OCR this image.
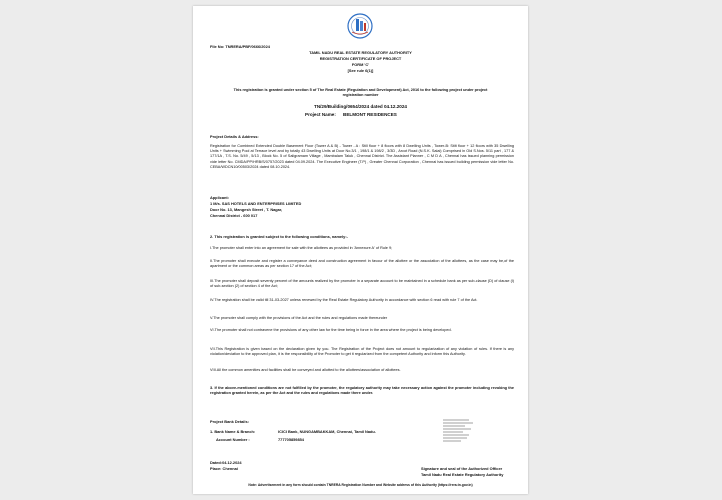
File No: TNRERA/PBF/0666/2024
TAMIL NADU REAL ESTATE REGULATORY AUTHORITY
REGISTRATION CERTIFICATE OF PROJECT
FORM 'C'
[See rule 6(1)]
This registration is granted under section 5 of The Real Estate (Regulation and Development) Act, 2016 to the following project under project registration number
TN/29/Building/0654/2024 dated 04.12.2024
Project Name: BELMONT RESIDENCES
Project Details & Address:
Registration for Combined Extended Double Basement Floor (Tower A & B) - Tower - A : Still floor + 8 floors with 8 Dwelling Units , Tower-B: Stilt floor + 12 floors with 35 Dwelling Units + Swimming Pool at Terrace level and by totally 43 Dwelling Units at Door No.3/1 , 198/1 & 198/2 , 3/3D , Arcot Road (N.S.K. Salai) Comprised in Old S.Nos. 5/11 part , 177 & 177/1A , T.S. No. 5/49 , 5/13 , Block No. 5 of Saligramam Village , Mambalam Taluk , Chennai District. The Assistant Planner , C M D A , Chennai has issued planning permission vide letter No. CMDA/PP/HRB/S/0757/2023 dated 04.09.2024. The Executive Engineer (T.P) , Greater Chennai Corporation , Chennai has issued building permission vide letter No. CEBA/WDCN10/00503/2024 dated 08.10.2024.
Applicant:
1 M/s. SAS HOTELS AND ENTERPRISES LIMITED
Door No. 13, Mangesh Street , T. Nagar,
Chennai District - 600 017
2. This registration is granted subject to the following conditions, namely:-
I.The promoter shall enter into an agreement for sale with the allottees as provided in 'Annexure A' of Rule 9;
II.The promoter shall execute and register a conveyance deed and construction agreement in favour of the allottee or the association of the allottees, as the case may be,of the apartment or the common areas as per section 17 of the Act;
III.The promoter shall deposit seventy percent of the amounts realized by the promoter in a separate account to be maintained in a schedule bank as per sub-clause (D) of clause (l) of sub-section (2) of section 4 of the Act;
IV.The registration shall be valid till 31-03-2027 unless renewed by the Real Estate Regulatory Authority in accordance with section 6 read with rule 7 of the Act.
V.The promoter shall comply with the provisions of the Act and the rules and regulations made thereunder
VI.The promoter shall not contravene the provisions of any other law for the time being in force in the area where the project is being developed.
VII.This Registration is given based on the declaration given by you. The Registration of the Project does not amount to regularization of any violation of rules. If there is any violation/deviation to the approved plan, it is the responsibility of the Promoter to get it regularized from the competent Authority and inform this Authority.
VIII.All the common amenities and facilities shall be conveyed and allotted to the allottees/association of allottees.
3. If the above-mentioned conditions are not fulfilled by the promoter, the regulatory authority may take necessary action against the promoter including revoking the registration granted herein, as per the Act and the rules and regulations made there under.
Project Bank Details:
1. Bank Name & Branch:	ICICI Bank, NUNGAMBAKKAM, Chennai, Tamil Nadu.
Account Number :	777705859854
Dated:04.12.2024
Place: Chennai	Signature and seal of the Authorized Officer
Tamil Nadu Real Estate Regulatory Authority
Note: Advertisement in any form should contain TNRERA Registration Number and Website address of this Authority (https://rera.tn.gov.in)
